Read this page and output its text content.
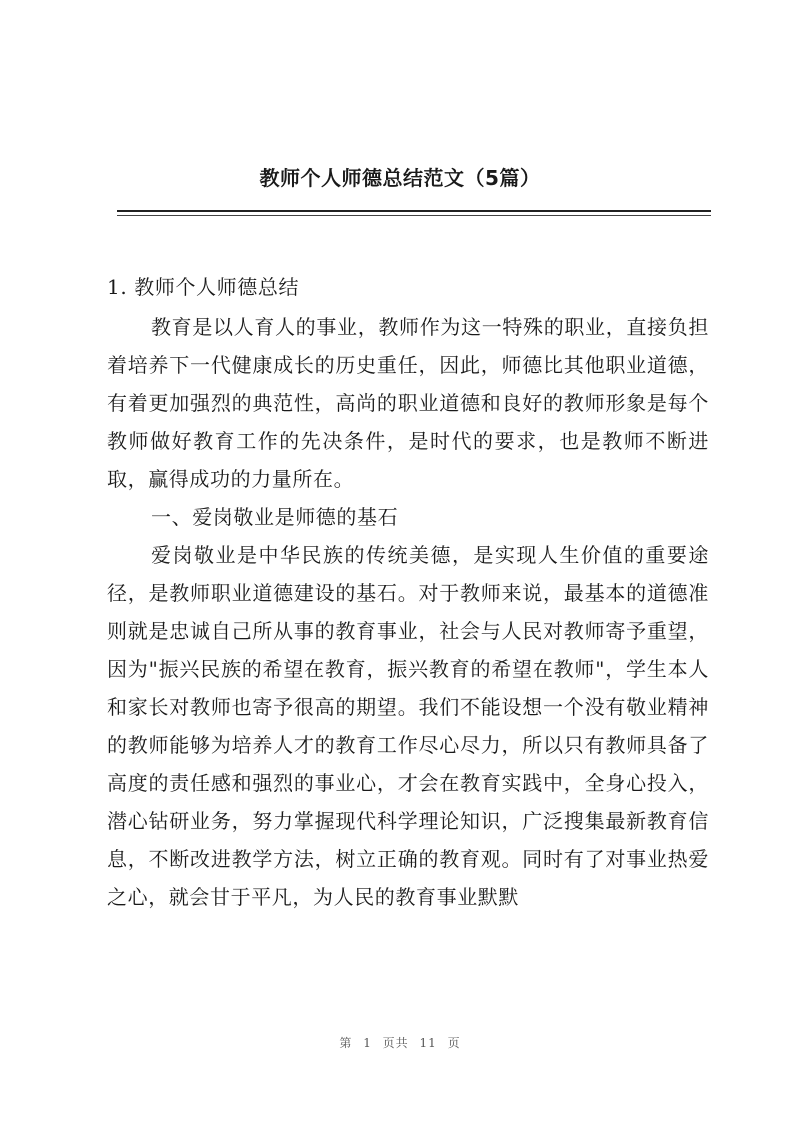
教师个人师德总结范文（5篇）

1. 教师个人师德总结

教育是以人育人的事业，教师作为这一特殊的职业，直接负担着培养下一代健康成长的历史重任，因此，师德比其他职业道德，有着更加强烈的典范性，高尚的职业道德和良好的教师形象是每个教师做好教育工作的先决条件，是时代的要求，也是教师不断进取，赢得成功的力量所在。

一、爱岗敬业是师德的基石

爱岗敬业是中华民族的传统美德，是实现人生价值的重要途径，是教师职业道德建设的基石。对于教师来说，最基本的道德准则就是忠诚自己所从事的教育事业，社会与人民对教师寄予重望，因为"振兴民族的希望在教育，振兴教育的希望在教师"，学生本人和家长对教师也寄予很高的期望。我们不能设想一个没有敬业精神的教师能够为培养人才的教育工作尽心尽力，所以只有教师具备了高度的责任感和强烈的事业心，才会在教育实践中，全身心投入，潜心钻研业务，努力掌握现代科学理论知识，广泛搜集最新教育信息，不断改进教学方法，树立正确的教育观。同时有了对事业热爱之心，就会甘于平凡，为人民的教育事业默默

第 1 页共 11 页
